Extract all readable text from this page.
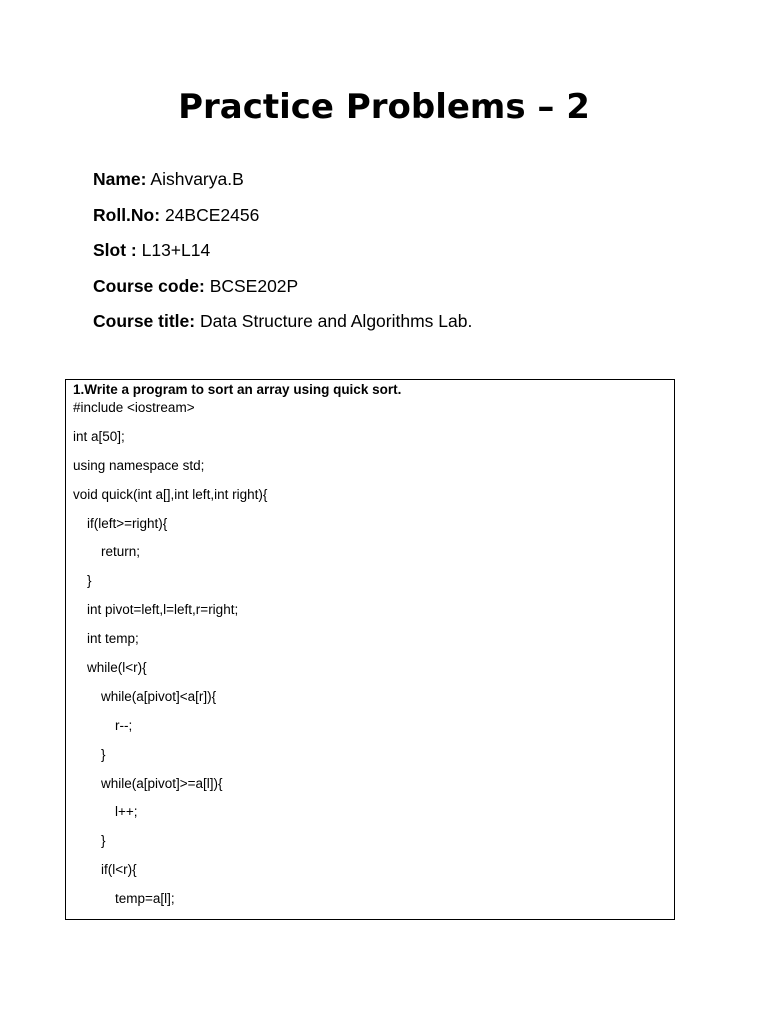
Practice Problems – 2
Name: Aishvarya.B
Roll.No: 24BCE2456
Slot : L13+L14
Course code: BCSE202P
Course title: Data Structure and Algorithms Lab.
1.Write a program to sort an array using quick sort.
#include <iostream>
int a[50];
using namespace std;
void quick(int a[],int left,int right){
if(left>=right){
return;
}
int pivot=left,l=left,r=right;
int temp;
while(l<r){
while(a[pivot]<a[r]){
r--;
}
while(a[pivot]>=a[l]){
l++;
}
if(l<r){
temp=a[l];
